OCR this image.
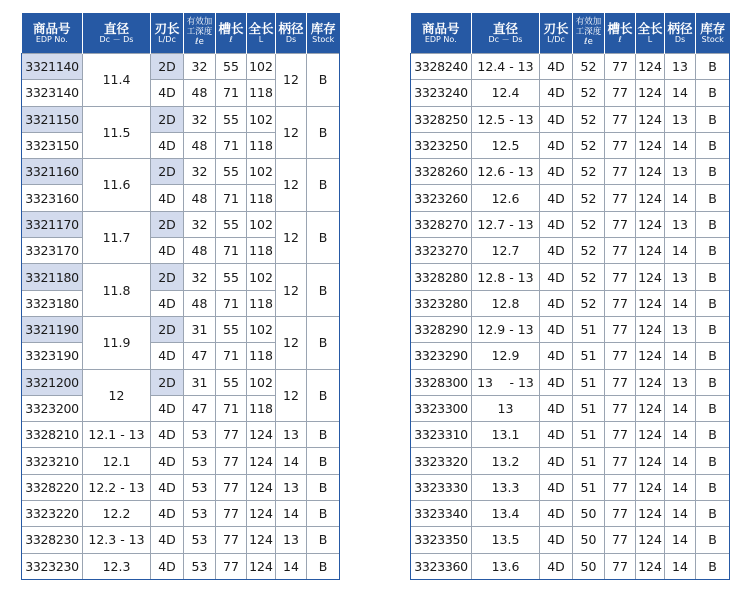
商品号
EDP No.	直径
Dc － Ds	刃长
L/Dc	有效加
工深度
ℓe	槽长
ℓ	全长
L	柄径
Ds	库存
Stock

3321140	11.4	2D	32	55	102	12	B
3323140		4D	48	71	118		
3321150	11.5	2D	32	55	102	12	B
3323150		4D	48	71	118		
3321160	11.6	2D	32	55	102	12	B
3323160		4D	48	71	118		
3321170	11.7	2D	32	55	102	12	B
3323170		4D	48	71	118		
3321180	11.8	2D	32	55	102	12	B
3323180		4D	48	71	118		
3321190	11.9	2D	31	55	102	12	B
3323190		4D	47	71	118		
3321200	12	2D	31	55	102	12	B
3323200		4D	47	71	118		
3328210	12.1 - 13	4D	53	77	124	13	B
3323210	12.1	4D	53	77	124	14	B
3328220	12.2 - 13	4D	53	77	124	13	B
3323220	12.2	4D	53	77	124	14	B
3328230	12.3 - 13	4D	53	77	124	13	B
3323230	12.3	4D	53	77	124	14	B
商品号
EDP No.	直径
Dc － Ds	刃长
L/Dc	有效加
工深度
ℓe	槽长
ℓ	全长
L	柄径
Ds	库存
Stock

3328240	12.4 - 13	4D	52	77	124	13	B
3323240	12.4	4D	52	77	124	14	B
3328250	12.5 - 13	4D	52	77	124	13	B
3323250	12.5	4D	52	77	124	14	B
3328260	12.6 - 13	4D	52	77	124	13	B
3323260	12.6	4D	52	77	124	14	B
3328270	12.7 - 13	4D	52	77	124	13	B
3323270	12.7	4D	52	77	124	14	B
3328280	12.8 - 13	4D	52	77	124	13	B
3323280	12.8	4D	52	77	124	14	B
3328290	12.9 - 13	4D	51	77	124	13	B
3323290	12.9	4D	51	77	124	14	B
3328300	13 　- 13	4D	51	77	124	13	B
3323300	13	4D	51	77	124	14	B
3323310	13.1	4D	51	77	124	14	B
3323320	13.2	4D	51	77	124	14	B
3323330	13.3	4D	51	77	124	14	B
3323340	13.4	4D	50	77	124	14	B
3323350	13.5	4D	50	77	124	14	B
3323360	13.6	4D	50	77	124	14	B
